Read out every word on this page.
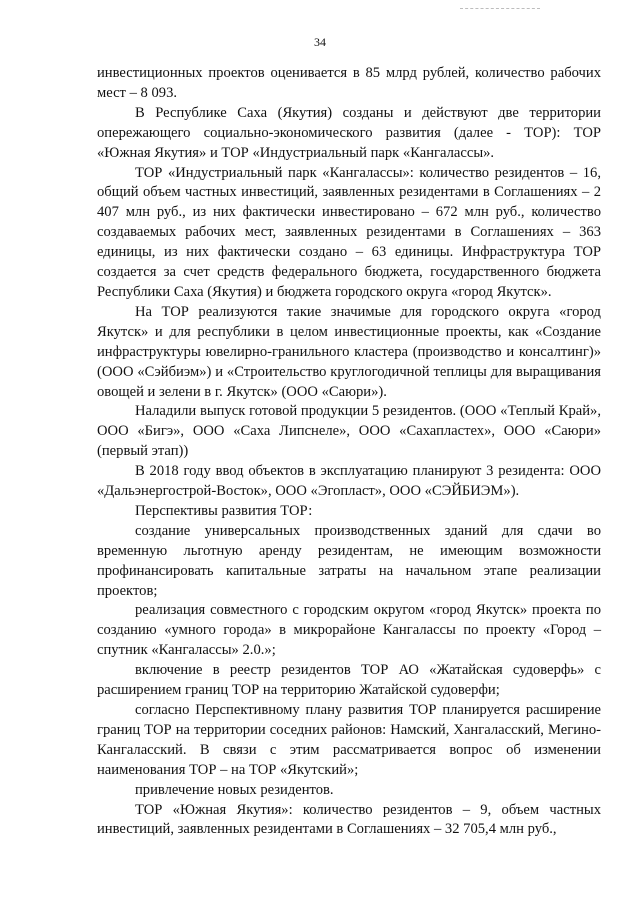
34

инвестиционных проектов оценивается в 85 млрд рублей, количество рабочих мест – 8 093.

В Республике Саха (Якутия) созданы и действуют две территории опережающего социально-экономического развития (далее - ТОР): ТОР «Южная Якутия» и ТОР «Индустриальный парк «Кангалассы».

ТОР «Индустриальный парк «Кангалассы»: количество резидентов – 16, общий объем частных инвестиций, заявленных резидентами в Соглашениях – 2 407 млн руб., из них фактически инвестировано – 672 млн руб., количество создаваемых рабочих мест, заявленных резидентами в Соглашениях – 363 единицы, из них фактически создано – 63 единицы. Инфраструктура ТОР создается за счет средств федерального бюджета, государственного бюджета Республики Саха (Якутия) и бюджета городского округа «город Якутск».

На ТОР реализуются такие значимые для городского округа «город Якутск» и для республики в целом инвестиционные проекты, как «Создание инфраструктуры ювелирно-гранильного кластера (производство и консалтинг)» (ООО «Сэйбиэм») и «Строительство круглогодичной теплицы для выращивания овощей и зелени в г. Якутск» (ООО «Саюри»).

Наладили выпуск готовой продукции 5 резидентов. (ООО «Теплый Край», ООО «Бигэ», ООО «Саха Липснеле», ООО «Сахапластех», ООО «Саюри» (первый этап))

В 2018 году ввод объектов в эксплуатацию планируют 3 резидента: ООО «Дальэнергострой-Восток», ООО «Эгопласт», ООО «СЭЙБИЭМ»).

Перспективы развития ТОР:

создание универсальных производственных зданий для сдачи во временную льготную аренду резидентам, не имеющим возможности профинансировать капитальные затраты на начальном этапе реализации проектов;

реализация совместного с городским округом «город Якутск» проекта по созданию «умного города» в микрорайоне Кангалассы по проекту «Город – спутник «Кангалассы» 2.0.»;

включение в реестр резидентов ТОР АО «Жатайская судоверфь» с расширением границ ТОР на территорию Жатайской судоверфи;

согласно Перспективному плану развития ТОР планируется расширение границ ТОР на территории соседних районов: Намский, Хангаласский, Мегино-Кангаласский. В связи с этим рассматривается вопрос об изменении наименования ТОР – на ТОР «Якутский»;

привлечение новых резидентов.

ТОР «Южная Якутия»: количество резидентов – 9, объем частных инвестиций, заявленных резидентами в Соглашениях – 32 705,4 млн руб.,
